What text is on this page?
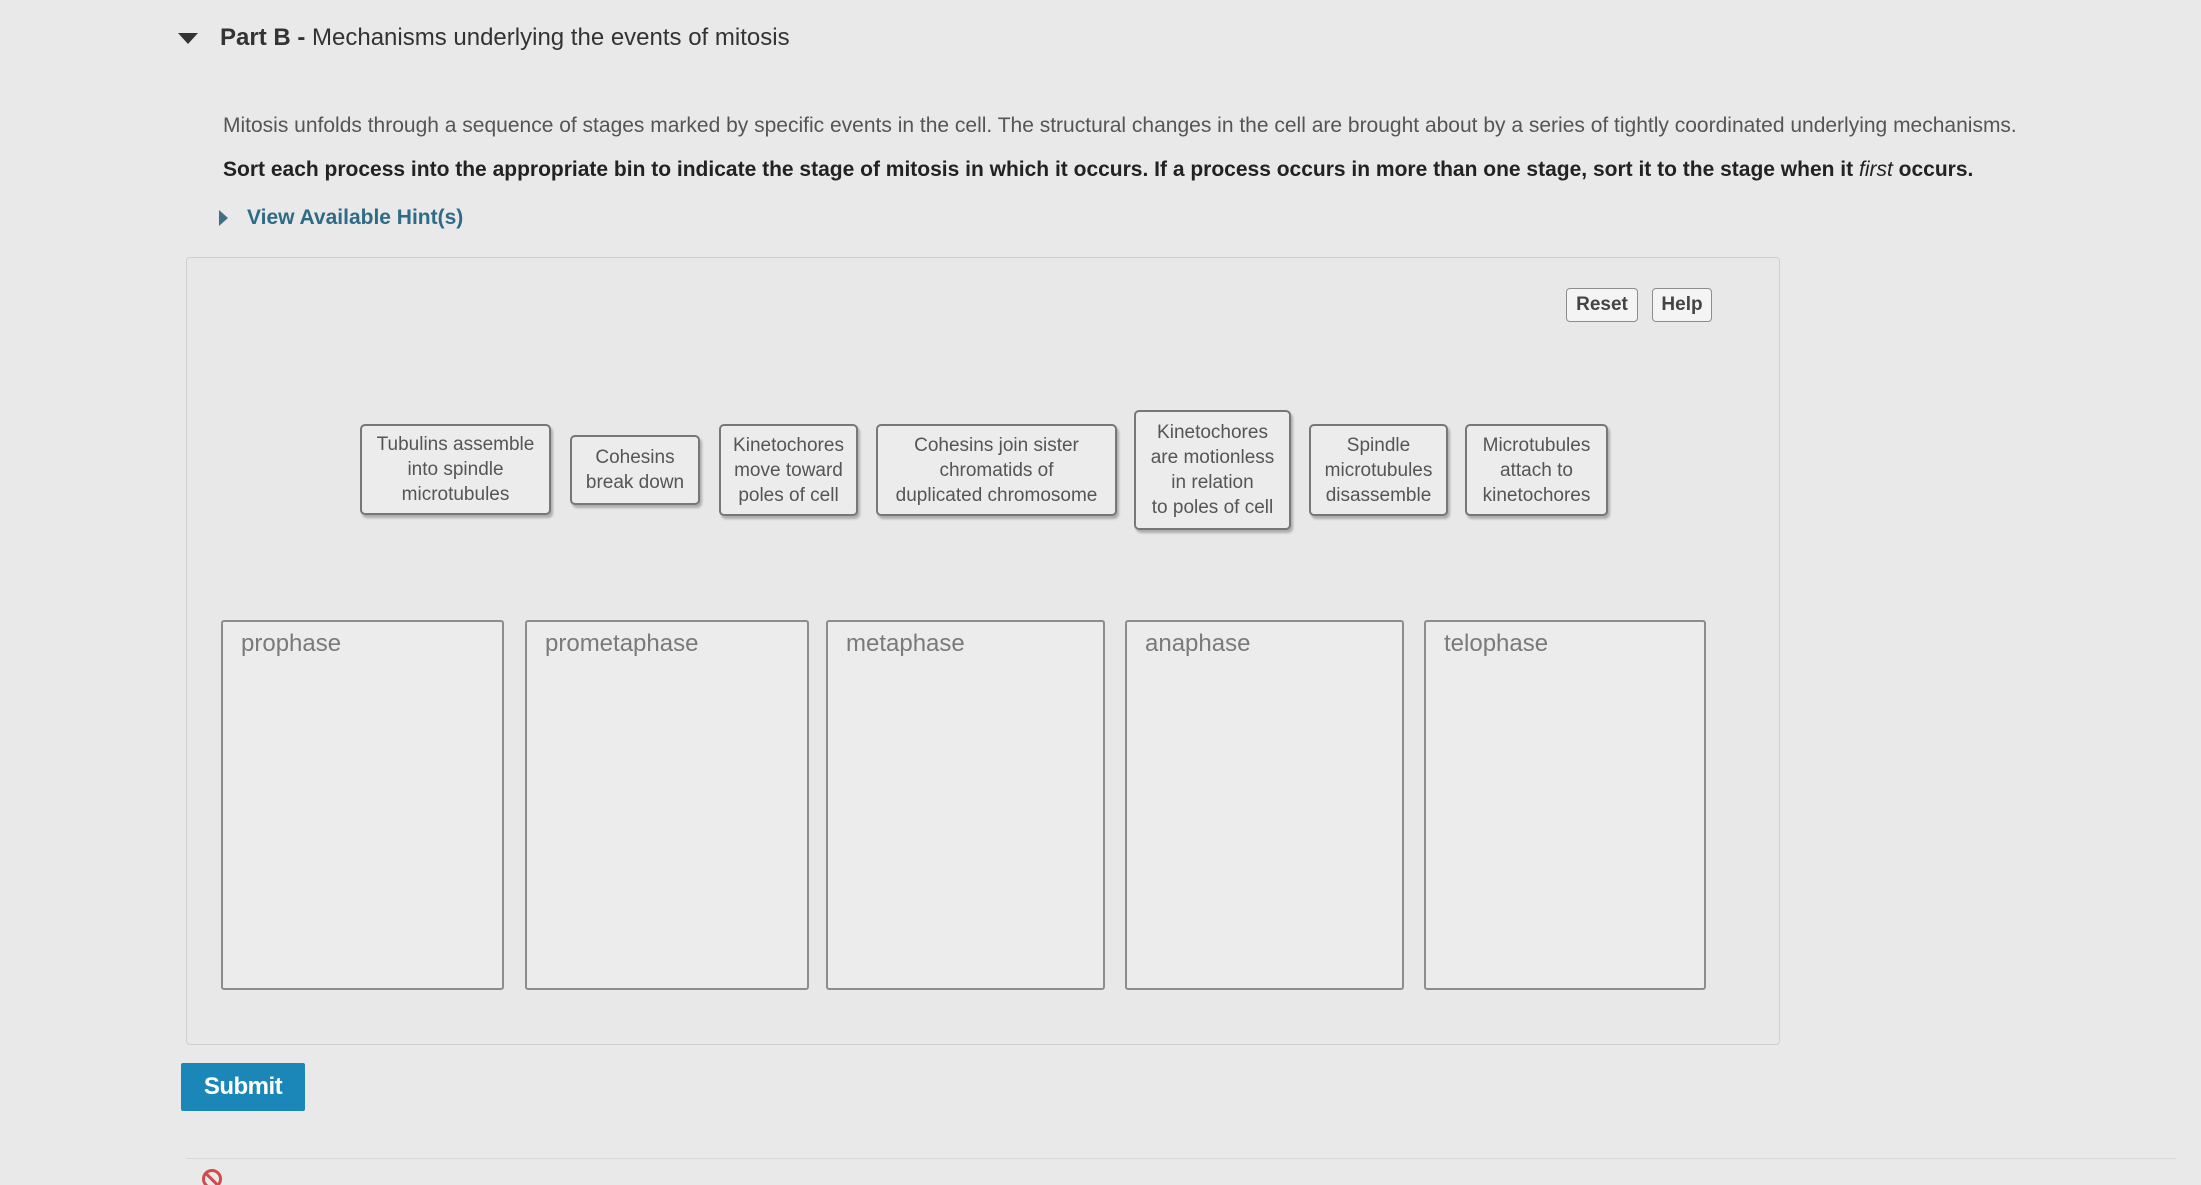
Part B - Mechanisms underlying the events of mitosis
Mitosis unfolds through a sequence of stages marked by specific events in the cell. The structural changes in the cell are brought about by a series of tightly coordinated underlying mechanisms.
Sort each process into the appropriate bin to indicate the stage of mitosis in which it occurs. If a process occurs in more than one stage, sort it to the stage when it first occurs.
View Available Hint(s)
Reset	Help
Tubulins assemble
into spindle
microtubules
Cohesins
break down
Kinetochores
move toward
poles of cell
Cohesins join sister
chromatids of
duplicated chromosome
Kinetochores
are motionless
in relation
to poles of cell
Spindle
microtubules
disassemble
Microtubules
attach to
kinetochores
prophase	prometaphase	metaphase	anaphase	telophase
Submit
